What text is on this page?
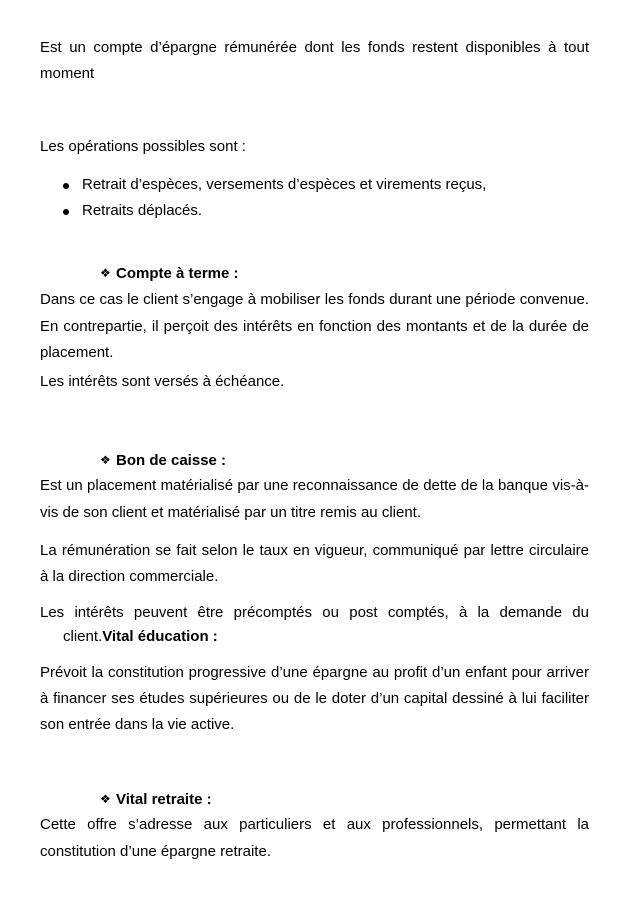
Est un compte d’épargne rémunérée dont les fonds restent disponibles à tout
moment
Les opérations possibles sont :
Retrait d’espèces, versements d’espèces et virements reçus,
Retraits déplacés.
❖ Compte à terme :
Dans ce cas le client s’engage à mobiliser les fonds durant une période convenue.
En contrepartie, il perçoit des intérêts en fonction des montants et de la durée de
placement.
Les intérêts sont versés à échéance.
❖ Bon de caisse :
Est un placement matérialisé par une reconnaissance de dette de la banque vis-à-
vis de son client et matérialisé par un titre remis au client.
La rémunération se fait selon le taux en vigueur, communiqué par lettre circulaire
à la direction commerciale.
Les intérêts peuvent être précomptés ou post comptés, à la demande du
client.Vital éducation :
Prévoit la constitution progressive d’une épargne au profit d’un enfant pour arriver
à financer ses études supérieures ou de le doter d’un capital dessiné à lui faciliter
son entrée dans la vie active.
❖ Vital retraite :
Cette offre s’adresse aux particuliers et aux professionnels, permettant la
constitution d’une épargne retraite.
